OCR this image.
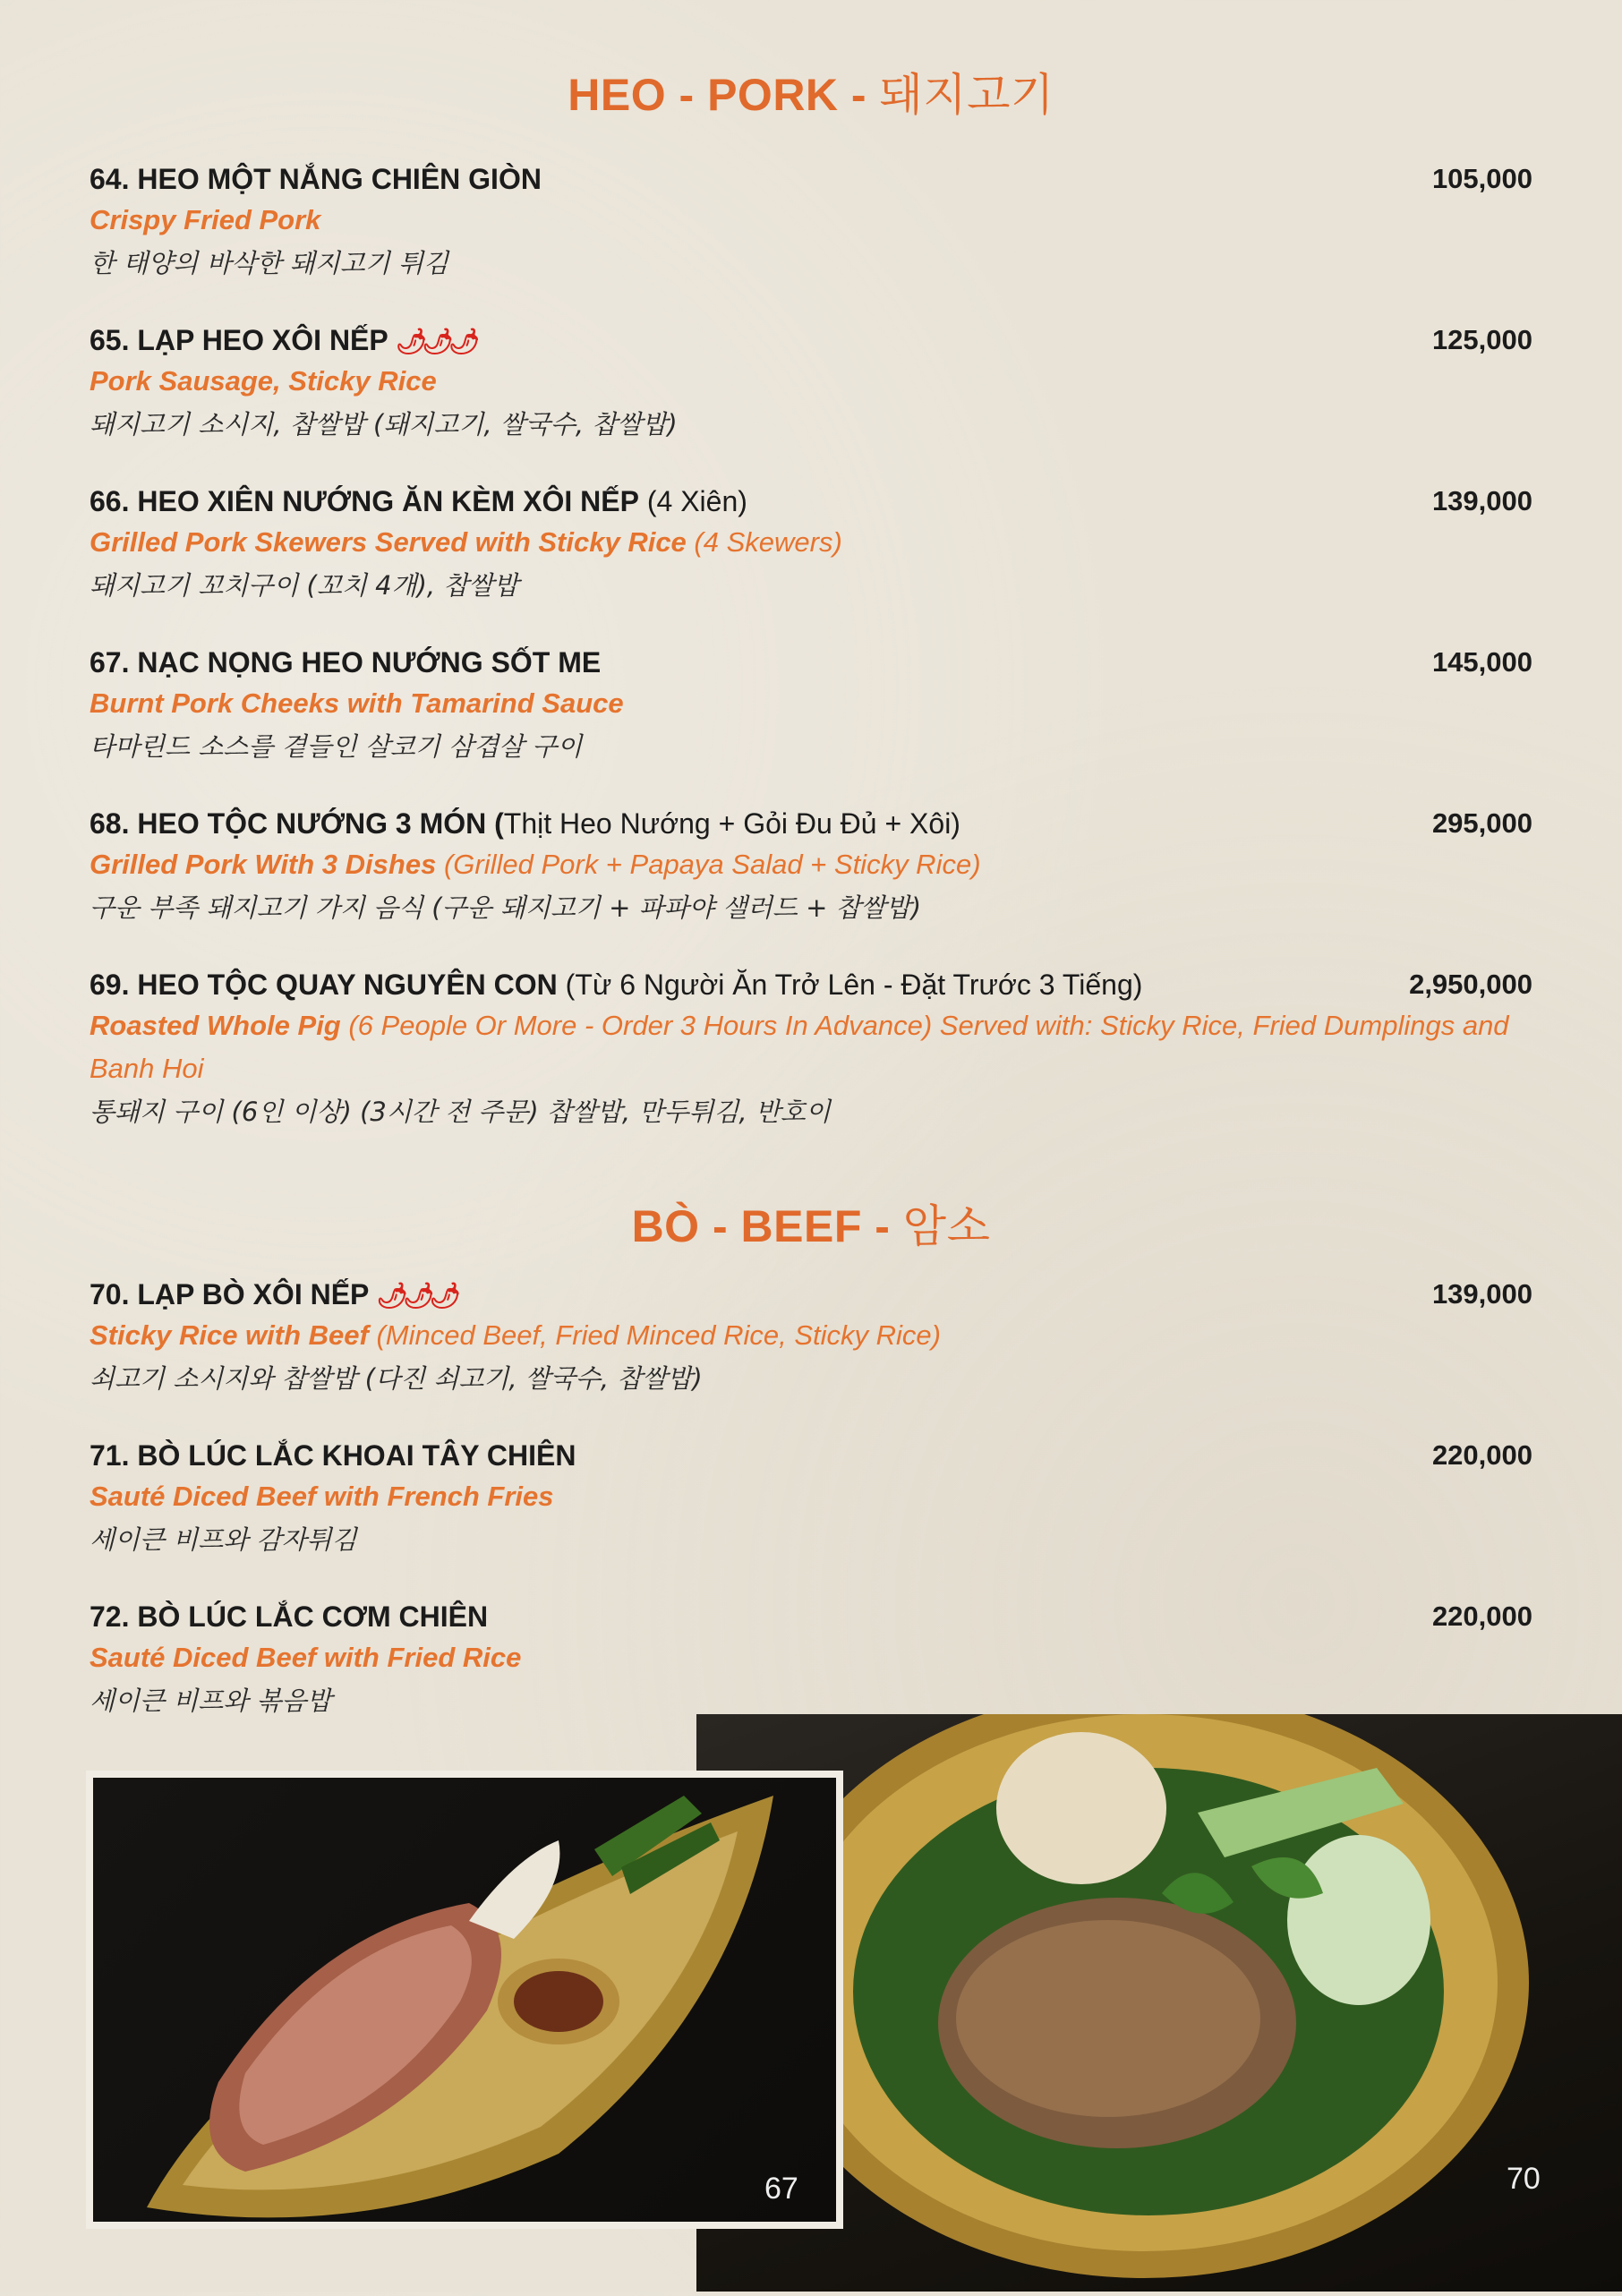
HEO - PORK - 돼지고기
64. HEO MỘT NẮNG CHIÊN GIÒN	105,000
Crispy Fried Pork
한 태양의 바삭한 돼지고기 튀김
65. LẠP HEO XÔI NẾP 🌶🌶🌶	125,000
Pork Sausage, Sticky Rice
돼지고기 소시지, 찹쌀밥 (돼지고기, 쌀국수, 찹쌀밥)
66. HEO XIÊN NƯỚNG ĂN KÈM XÔI NẾP (4 Xiên)	139,000
Grilled Pork Skewers Served with Sticky Rice (4 Skewers)
돼지고기 꼬치구이 (꼬치 4개), 찹쌀밥
67. NẠC NỌNG HEO NƯỚNG SỐT ME	145,000
Burnt Pork Cheeks with Tamarind Sauce
타마린드 소스를 곁들인 살코기 삼겹살 구이
68. HEO TỘC NƯỚNG 3 MÓN (Thịt Heo Nướng + Gỏi Đu Đủ + Xôi)	295,000
Grilled Pork With 3 Dishes (Grilled Pork + Papaya Salad + Sticky Rice)
구운 부족 돼지고기 가지 음식 (구운 돼지고기 + 파파야 샐러드 + 찹쌀밥)
69. HEO TỘC QUAY NGUYÊN CON (Từ 6 Người Ăn Trở Lên - Đặt Trước 3 Tiếng)	2,950,000
Roasted Whole Pig (6 People Or More - Order 3 Hours In Advance) Served with: Sticky Rice, Fried Dumplings and Banh Hoi
통돼지 구이 (6인 이상) (3시간 전 주문) 찹쌀밥, 만두튀김, 반호이
BÒ - BEEF - 암소
70. LẠP BÒ XÔI NẾP 🌶🌶🌶	139,000
Sticky Rice with Beef (Minced Beef, Fried Minced Rice, Sticky Rice)
쇠고기 소시지와 찹쌀밥 (다진 쇠고기, 쌀국수, 찹쌀밥)
71. BÒ LÚC LẮC KHOAI TÂY CHIÊN	220,000
Sauté Diced Beef with French Fries
세이큰 비프와 감자튀김
72. BÒ LÚC LẮC CƠM CHIÊN	220,000
Sauté Diced Beef with Fried Rice
세이큰 비프와 볶음밥
70
67
